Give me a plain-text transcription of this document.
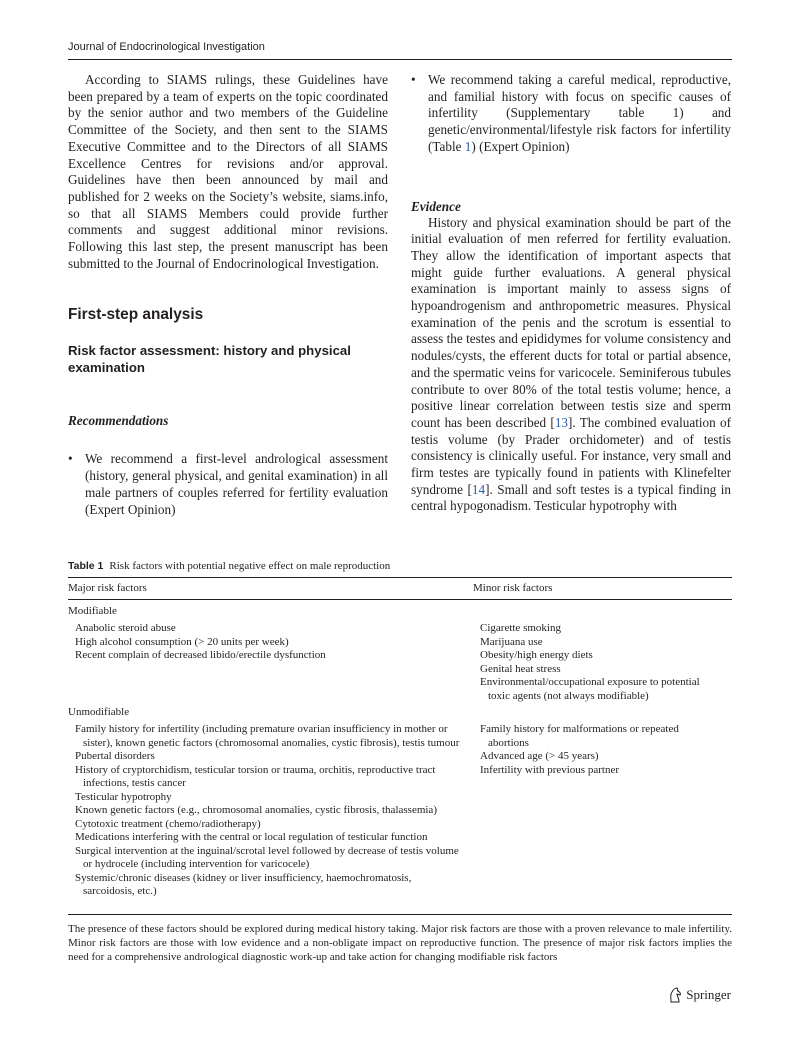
Journal of Endocrinological Investigation

According to SIAMS rulings, these Guidelines have been prepared by a team of experts on the topic coordinated by the senior author and two members of the Guideline Committee of the Society, and then sent to the SIAMS Executive Committee and to the Directors of all SIAMS Excellence Centres for revisions and/or approval. Guidelines have then been announced by mail and published for 2 weeks on the Society’s website, siams.info, so that all SIAMS Members could provide further comments and suggest additional minor revisions. Following this last step, the present manuscript has been submitted to the Journal of Endocrinological Investigation.

First-step analysis
Risk factor assessment: history and physical examination
Recommendations
• We recommend a first-level andrological assessment (history, general physical, and genital examination) in all male partners of couples referred for fertility evaluation (Expert Opinion)
• We recommend taking a careful medical, reproductive, and familial history with focus on specific causes of infertility (Supplementary table 1) and genetic/environmental/lifestyle risk factors for infertility (Table 1) (Expert Opinion)
Evidence

History and physical examination should be part of the initial evaluation of men referred for fertility evaluation. They allow the identification of important aspects that might guide further evaluations. A general physical examination is important mainly to assess signs of hypoandrogenism and anthropometric measures. Physical examination of the penis and the scrotum is essential to assess the testes and epididymes for volume consistency and nodules/cysts, the efferent ducts for total or partial absence, and the spermatic veins for varicocele. Seminiferous tubules contribute to over 80% of the total testis volume; hence, a positive linear correlation between testis size and sperm count has been described [13]. The combined evaluation of testis volume (by Prader orchidometer) and of testis consistency is clinically useful. For instance, very small and firm testes are typically found in patients with Klinefelter syndrome [14]. Small and soft testes is a typical finding in central hypogonadism. Testicular hypotrophy with

Table 1 Risk factors with potential negative effect on male reproduction
Major risk factors	Minor risk factors
Modifiable
Anabolic steroid abuse
High alcohol consumption (> 20 units per week)
Recent complain of decreased libido/erectile dysfunction
Cigarette smoking
Marijuana use
Obesity/high energy diets
Genital heat stress
Environmental/occupational exposure to potential toxic agents (not always modifiable)
Unmodifiable
Family history for infertility (including premature ovarian insufficiency in mother or sister), known genetic factors (chromosomal anomalies, cystic fibrosis), testis tumour
Pubertal disorders
History of cryptorchidism, testicular torsion or trauma, orchitis, reproductive tract infections, testis cancer
Testicular hypotrophy
Known genetic factors (e.g., chromosomal anomalies, cystic fibrosis, thalassemia)
Cytotoxic treatment (chemo/radiotherapy)
Medications interfering with the central or local regulation of testicular function
Surgical intervention at the inguinal/scrotal level followed by decrease of testis volume or hydrocele (including intervention for varicocele)
Systemic/chronic diseases (kidney or liver insufficiency, haemochromatosis, sarcoidosis, etc.)
Family history for malformations or repeated abortions
Advanced age (> 45 years)
Infertility with previous partner
The presence of these factors should be explored during medical history taking. Major risk factors are those with a proven relevance to male infertility. Minor risk factors are those with low evidence and a non-obligate impact on reproductive function. The presence of major risk factors implies the need for a comprehensive andrological diagnostic work-up and take action for changing modifiable risk factors
Springer
